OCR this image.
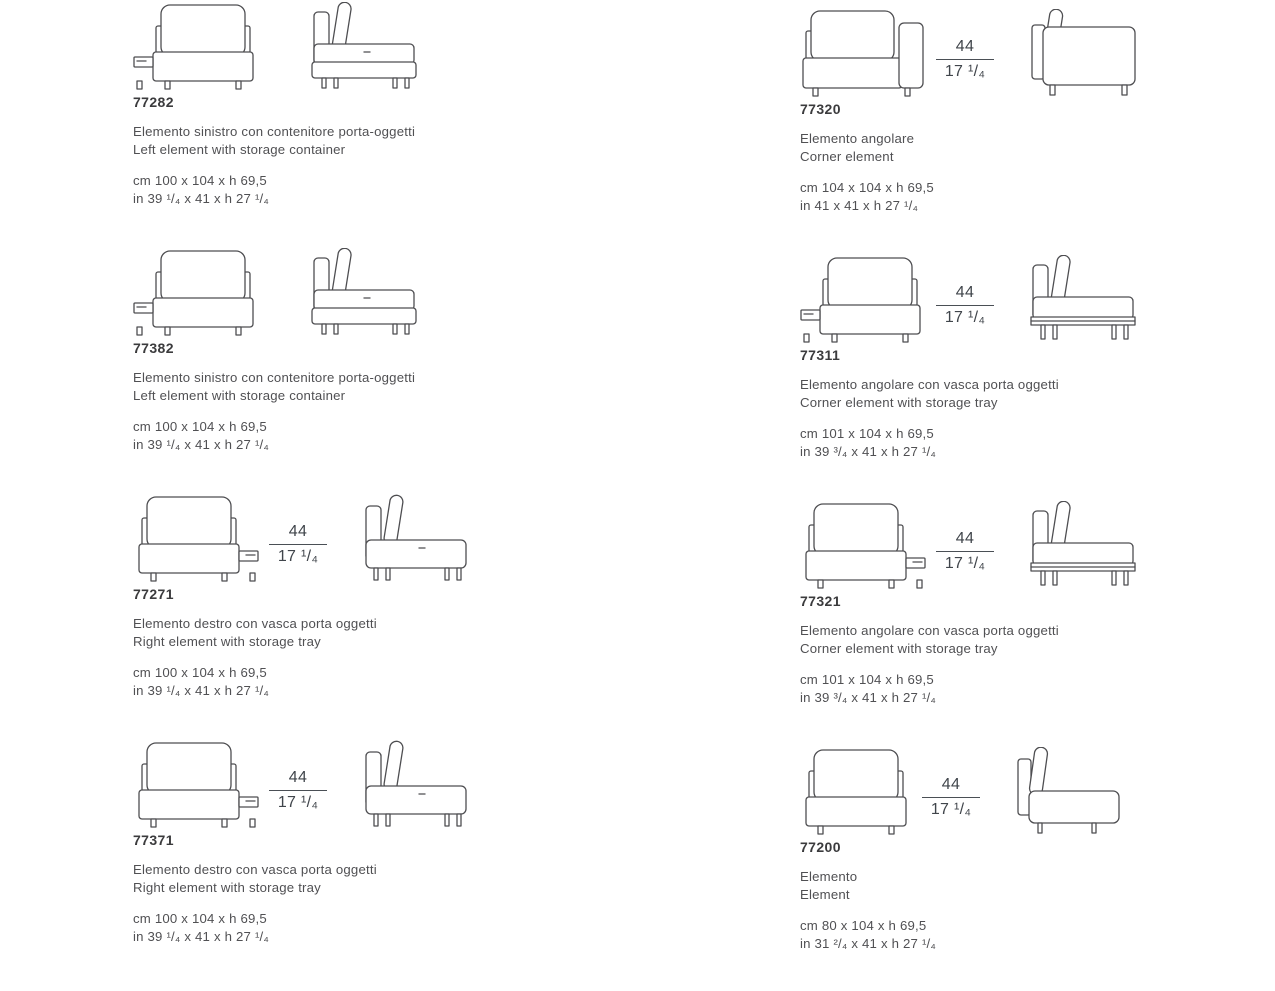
77282
Elemento sinistro con contenitore porta-oggetti
Left element with storage container
cm 100 x 104 x h 69,5
in 39 ¹/₄ x 41 x h 27 ¹/₄
77382
Elemento sinistro con contenitore porta-oggetti
Left element with storage container
cm 100 x 104 x h 69,5
in 39 ¹/₄ x 41 x h 27 ¹/₄
$\frac{44}{\text{17 ¹/₄}}$
77271
Elemento destro con vasca porta oggetti
Right element with storage tray
cm 100 x 104 x h 69,5
in 39 ¹/₄ x 41 x h 27 ¹/₄
$\frac{44}{\text{17 ¹/₄}}$
77371
Elemento destro con vasca porta oggetti
Right element with storage tray
cm 100 x 104 x h 69,5
in 39 ¹/₄ x 41 x h 27 ¹/₄
$\frac{44}{\text{17 ¹/₄}}$
77320
Elemento angolare
Corner element
cm 104 x 104 x h 69,5
in 41 x 41 x h 27 ¹/₄
$\frac{44}{\text{17 ¹/₄}}$
77311
Elemento angolare con vasca porta oggetti
Corner element with storage tray
cm 101 x 104 x h 69,5
in 39 ³/₄ x 41 x h 27 ¹/₄
$\frac{44}{\text{17 ¹/₄}}$
77321
Elemento angolare con vasca porta oggetti
Corner element with storage tray
cm 101 x 104 x h 69,5
in 39 ³/₄ x 41 x h 27 ¹/₄
$\frac{44}{\text{17 ¹/₄}}$
77200
Elemento
Element
cm 80 x 104 x h 69,5
in 31 ²/₄ x 41 x h 27 ¹/₄
